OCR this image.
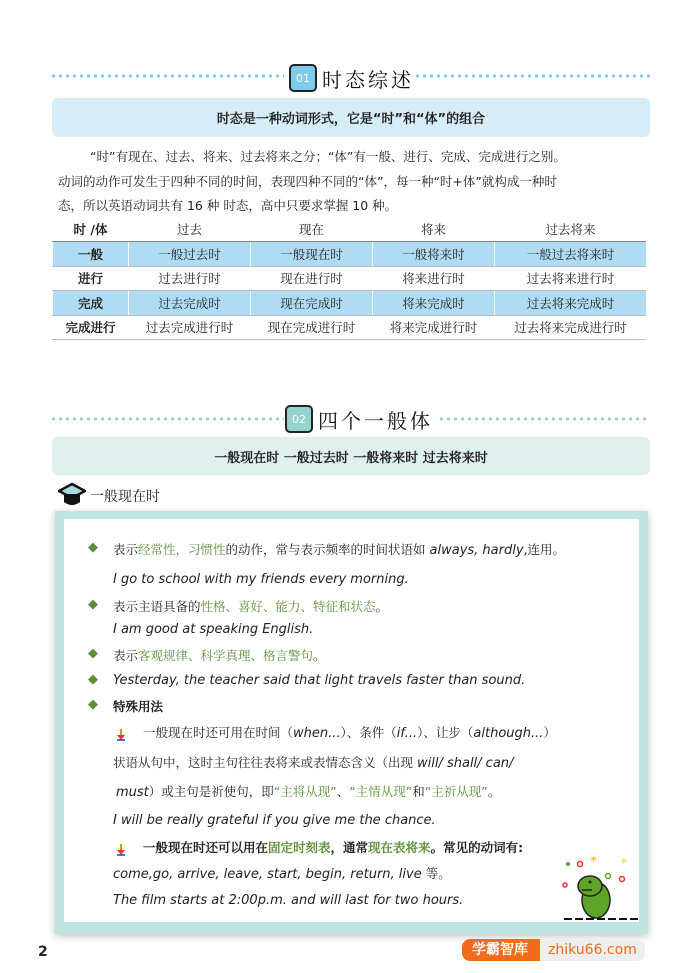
01 时态综述
时态是一种动词形式，它是“时”和“体”的组合
“时”有现在、过去、将来、过去将来之分；“体”有一般、进行、完成、完成进行之别。
动词的动作可发生于四种不同的时间，表现四种不同的“体”，每一种“时+体”就构成一种时
态，所以英语动词共有 16 种 时态，高中只要求掌握 10 种。
时 /体	过去	现在	将来	过去将来
一般	一般过去时	一般现在时	一般将来时	一般过去将来时
进行	过去进行时	现在进行时	将来进行时	过去将来进行时
完成	过去完成时	现在完成时	将来完成时	过去将来完成时
完成进行	过去完成进行时	现在完成进行时	将来完成进行时	过去将来完成进行时
02 四个一般体
一般现在时 一般过去时 一般将来时 过去将来时
一般现在时
表示经常性，习惯性的动作，常与表示频率的时间状语如 always, hardly,连用。
◆
I go to school with my friends every morning.
表示主语具备的性格、喜好、能力、特征和状态。
◆
I am good at speaking English.
表示客观规律、科学真理、格言警句。
◆
Yesterday, the teacher said that light travels faster than sound.
◆
特殊用法
◆
一般现在时还可用在时间（when...）、条件（if...）、让步（although...）
状语从句中，这时主句往往表将来或表情态含义（出现 will/ shall/ can/
must）或主句是祈使句，即“主将从现”、“主情从现”和“主祈从现”。
I will be really grateful if you give me the chance.
一般现在时还可以用在固定时刻表，通常现在表将来。常见的动词有:
come,go, arrive, leave, start, begin, return, live 等。
The film starts at 2:00p.m. and will last for two hours.
✳ ✳
2	学霸智库	zhiku66.com
